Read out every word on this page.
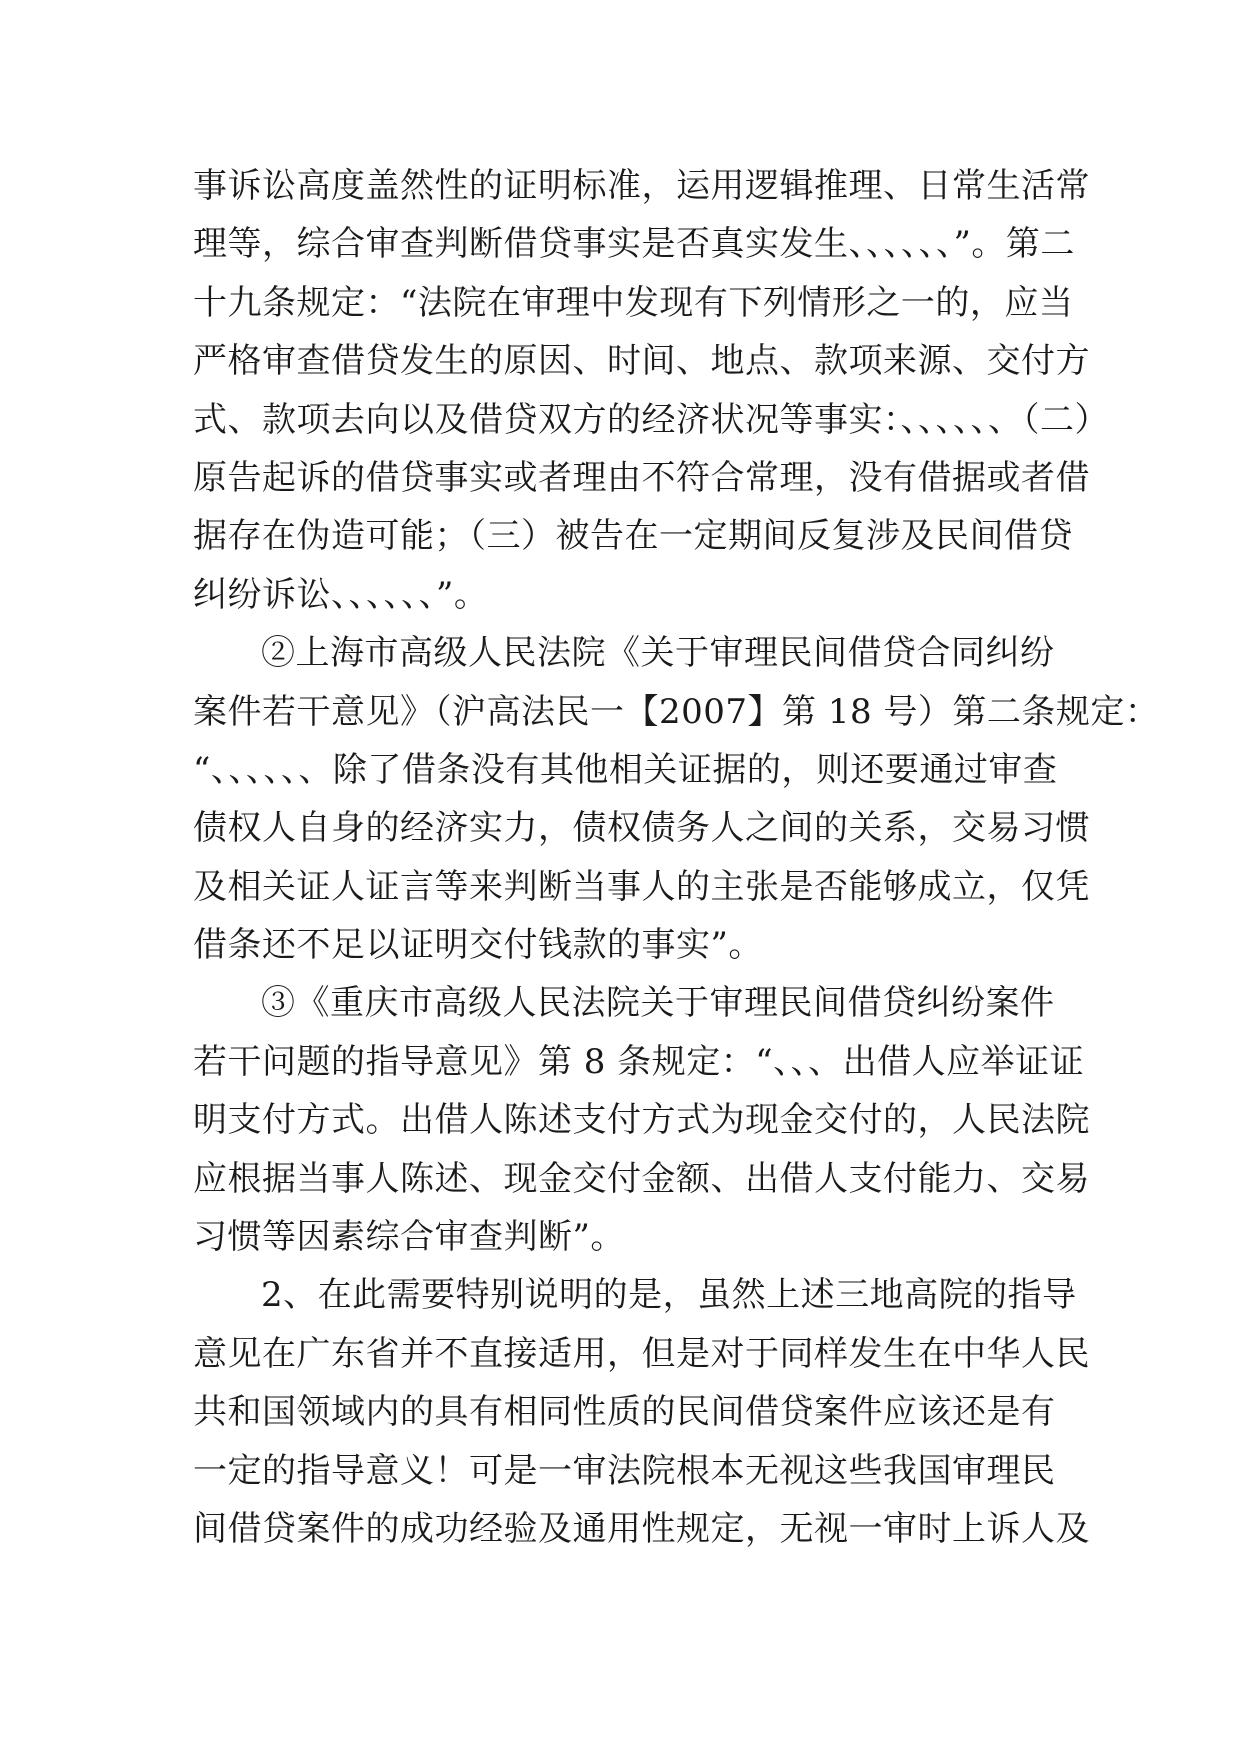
事诉讼高度盖然性的证明标准，运用逻辑推理、日常生活常
理等，综合审查判断借贷事实是否真实发生、、、、、、”。第二
十九条规定：“法院在审理中发现有下列情形之一的，应当
严格审查借贷发生的原因、时间、地点、款项来源、交付方
式、款项去向以及借贷双方的经济状况等事实：、、、、、、（二）
原告起诉的借贷事实或者理由不符合常理，没有借据或者借
据存在伪造可能；（三）被告在一定期间反复涉及民间借贷
纠纷诉讼、、、、、、”。
②上海市高级人民法院《关于审理民间借贷合同纠纷
案件若干意见》（沪高法民一【2007】第 18 号）第二条规定：
“、、、、、、除了借条没有其他相关证据的，则还要通过审查
债权人自身的经济实力，债权债务人之间的关系，交易习惯
及相关证人证言等来判断当事人的主张是否能够成立，仅凭
借条还不足以证明交付钱款的事实”。
③《重庆市高级人民法院关于审理民间借贷纠纷案件
若干问题的指导意见》第 8 条规定：“、、、出借人应举证证
明支付方式。出借人陈述支付方式为现金交付的，人民法院
应根据当事人陈述、现金交付金额、出借人支付能力、交易
习惯等因素综合审查判断”。
2、在此需要特别说明的是，虽然上述三地高院的指导
意见在广东省并不直接适用，但是对于同样发生在中华人民
共和国领域内的具有相同性质的民间借贷案件应该还是有
一定的指导意义！可是一审法院根本无视这些我国审理民
间借贷案件的成功经验及通用性规定，无视一审时上诉人及
